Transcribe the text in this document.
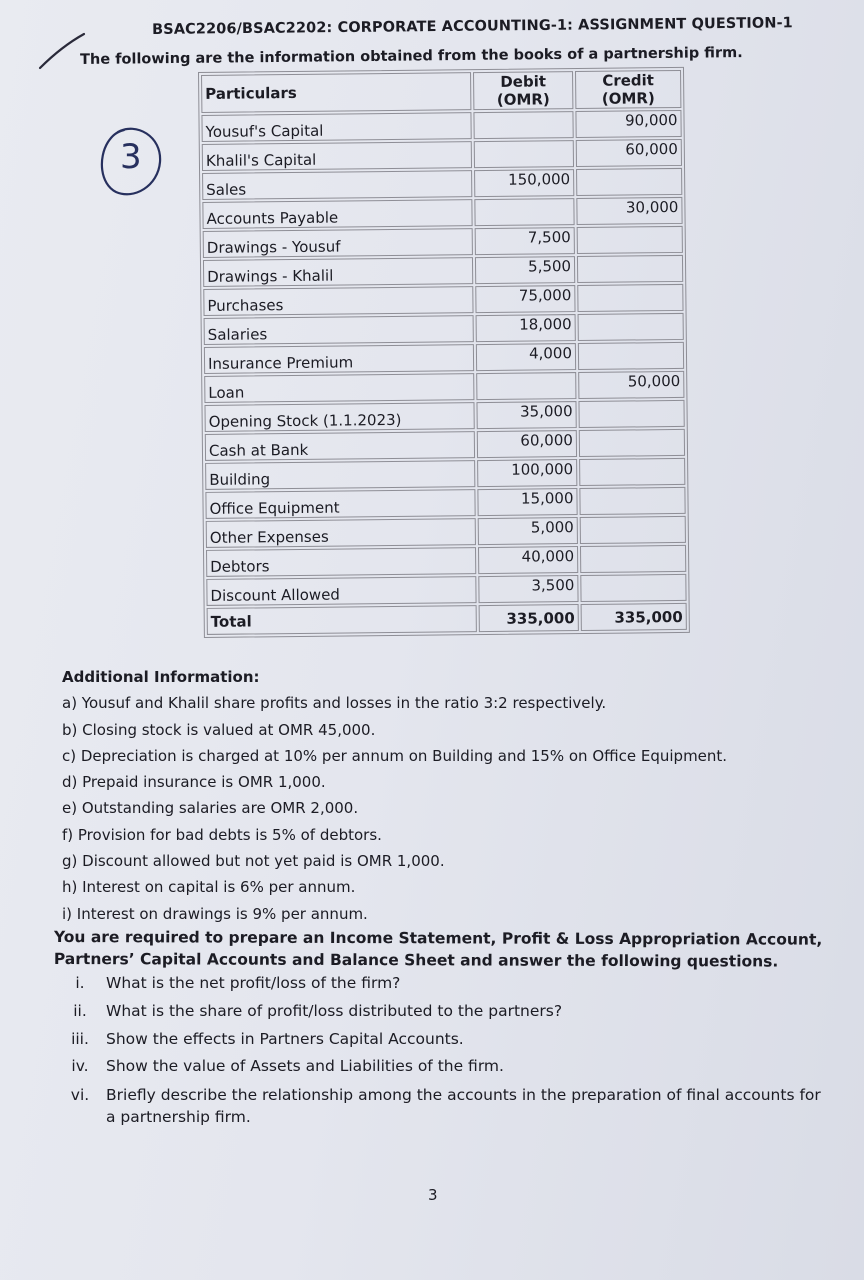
BSAC2206/BSAC2202: CORPORATE ACCOUNTING-1: ASSIGNMENT QUESTION-1
The following are the information obtained from the books of a partnership firm.
3
Particulars	Debit (OMR)	Credit (OMR)
Yousuf's Capital		90,000
Khalil's Capital		60,000
Sales	150,000	
Accounts Payable		30,000
Drawings - Yousuf	7,500	
Drawings - Khalil	5,500	
Purchases	75,000	
Salaries	18,000	
Insurance Premium	4,000	
Loan		50,000
Opening Stock (1.1.2023)	35,000	
Cash at Bank	60,000	
Building	100,000	
Office Equipment	15,000	
Other Expenses	5,000	
Debtors	40,000	
Discount Allowed	3,500	
Total	335,000	335,000
Additional Information:
a) Yousuf and Khalil share profits and losses in the ratio 3:2 respectively.
b) Closing stock is valued at OMR 45,000.
c) Depreciation is charged at 10% per annum on Building and 15% on Office Equipment.
d) Prepaid insurance is OMR 1,000.
e) Outstanding salaries are OMR 2,000.
f) Provision for bad debts is 5% of debtors.
g) Discount allowed but not yet paid is OMR 1,000.
h) Interest on capital is 6% per annum.
i) Interest on drawings is 9% per annum.
You are required to prepare an Income Statement, Profit & Loss Appropriation Account, Partners’ Capital Accounts and Balance Sheet and answer the following questions.
i. What is the net profit/loss of the firm?
ii. What is the share of profit/loss distributed to the partners?
iii. Show the effects in Partners Capital Accounts.
iv. Show the value of Assets and Liabilities of the firm.
vi. Briefly describe the relationship among the accounts in the preparation of final accounts for a partnership firm.
3
